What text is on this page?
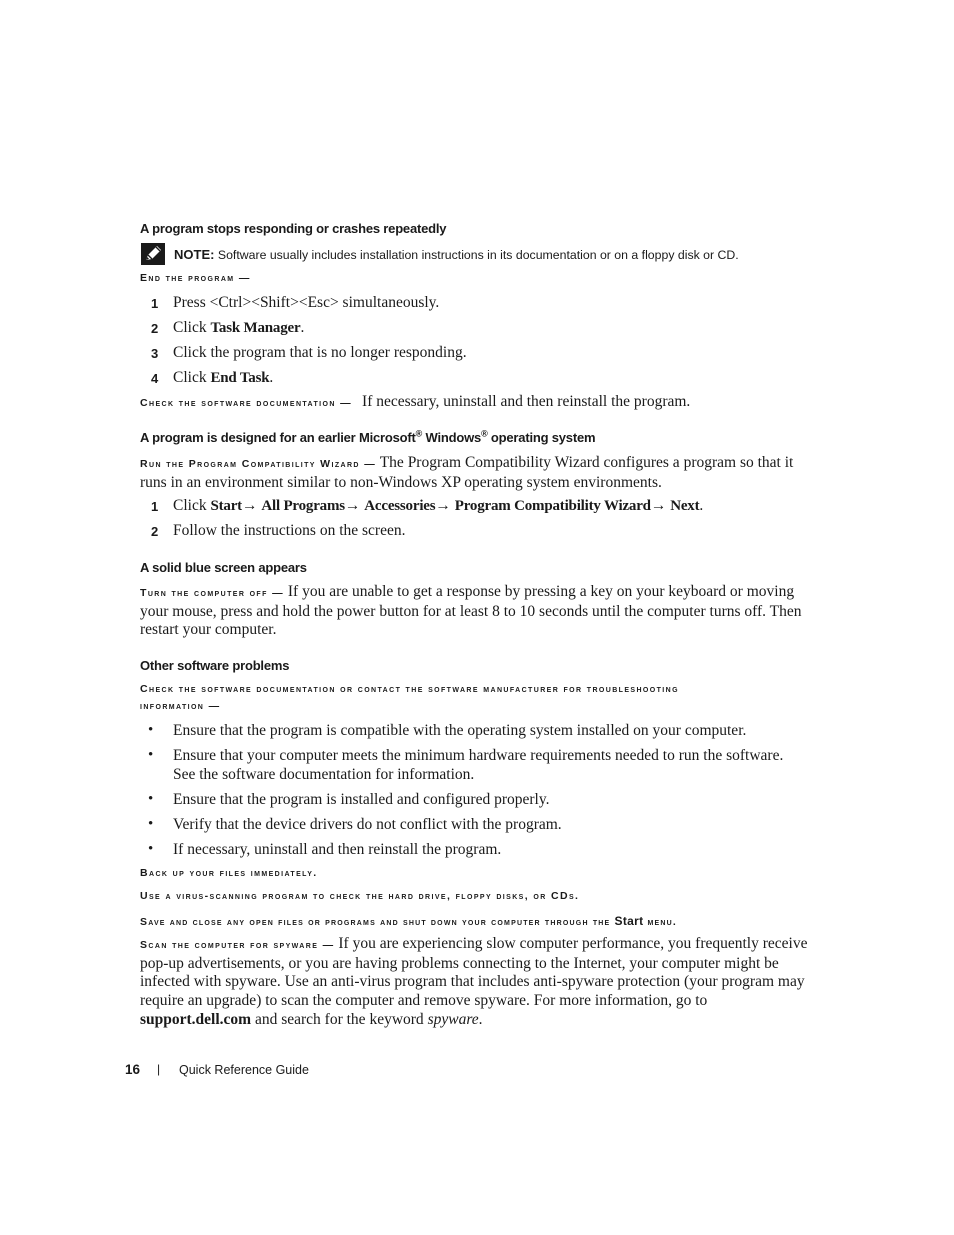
A program stops responding or crashes repeatedly
NOTE: Software usually includes installation instructions in its documentation or on a floppy disk or CD.
End the program —
1 Press <Ctrl><Shift><Esc> simultaneously.
2 Click Task Manager.
3 Click the program that is no longer responding.
4 Click End Task.
Check the software documentation — If necessary, uninstall and then reinstall the program.
A program is designed for an earlier Microsoft® Windows® operating system
Run the Program Compatibility Wizard — The Program Compatibility Wizard configures a program so that it runs in an environment similar to non-Windows XP operating system environments.
1 Click Start→ All Programs→ Accessories→ Program Compatibility Wizard→ Next.
2 Follow the instructions on the screen.
A solid blue screen appears
Turn the computer off — If you are unable to get a response by pressing a key on your keyboard or moving your mouse, press and hold the power button for at least 8 to 10 seconds until the computer turns off. Then restart your computer.
Other software problems
Check the software documentation or contact the software manufacturer for troubleshooting
information —
• Ensure that the program is compatible with the operating system installed on your computer.
• Ensure that your computer meets the minimum hardware requirements needed to run the software.
See the software documentation for information.
• Ensure that the program is installed and configured properly.
• Verify that the device drivers do not conflict with the program.
• If necessary, uninstall and then reinstall the program.
Back up your files immediately.
Use a virus-scanning program to check the hard drive, floppy disks, or CDs.
Save and close any open files or programs and shut down your computer through the Start menu.
Scan the computer for spyware — If you are experiencing slow computer performance, you frequently receive pop-up advertisements, or you are having problems connecting to the Internet, your computer might be infected with spyware. Use an anti-virus program that includes anti-spyware protection (your program may require an upgrade) to scan the computer and remove spyware. For more information, go to support.dell.com and search for the keyword spyware.
16 | Quick Reference Guide
